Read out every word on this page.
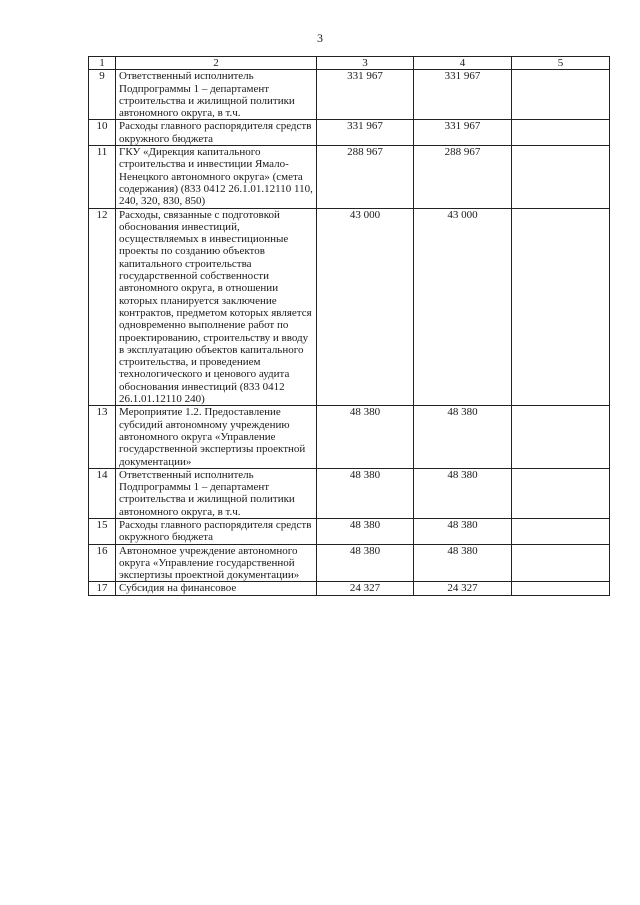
3
1	2	3	4	5
9	Ответственный исполнитель Подпрограммы 1 – департамент строительства и жилищной политики автономного округа, в т.ч.	331 967	331 967	
10	Расходы главного распорядителя средств окружного бюджета	331 967	331 967	
11	ГКУ «Дирекция капитального строительства и инвестиции Ямало-Ненецкого автономного округа» (смета содержания) (833 0412 26.1.01.12110 110, 240, 320, 830, 850)	288 967	288 967	
12	Расходы, связанные с подготовкой обоснования инвестиций, осуществляемых в инвестиционные проекты по созданию объектов капитального строительства государственной собственности автономного округа, в отношении которых планируется заключение контрактов, предметом которых является одновременно выполнение работ по проектированию, строительству и вводу в эксплуатацию объектов капитального строительства, и проведением технологического и ценового аудита обоснования инвестиций (833 0412 26.1.01.12110 240)	43 000	43 000	
13	Мероприятие 1.2. Предоставление субсидий автономному учреждению автономного округа «Управление государственной экспертизы проектной документации»	48 380	48 380	
14	Ответственный исполнитель Подпрограммы 1 – департамент строительства и жилищной политики автономного округа, в т.ч.	48 380	48 380	
15	Расходы главного распорядителя средств окружного бюджета	48 380	48 380	
16	Автономное учреждение автономного округа «Управление государственной экспертизы проектной документации»	48 380	48 380	
17	Субсидия на финансовое	24 327	24 327	
